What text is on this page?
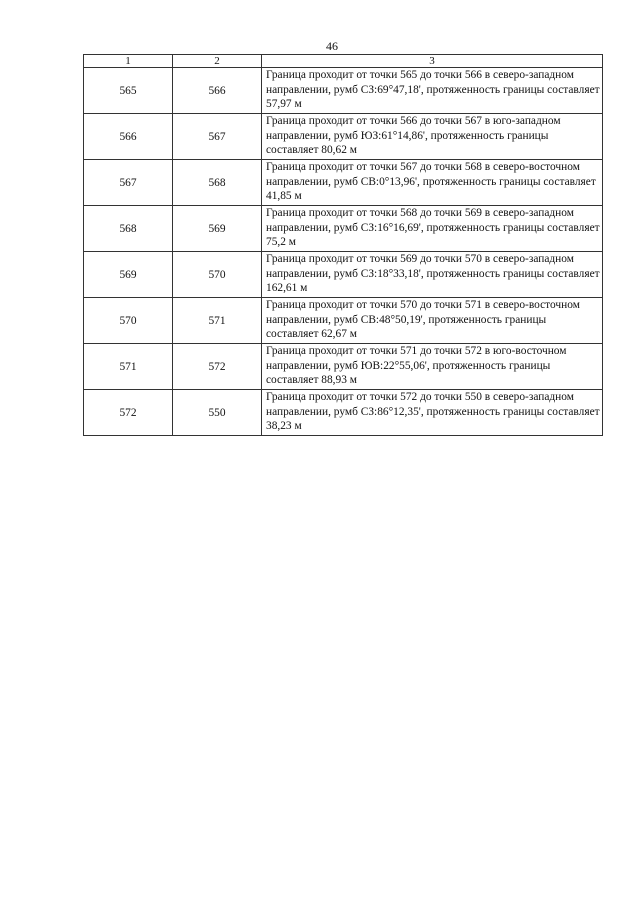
46
1	2	3
565	566	Граница проходит от точки 565 до точки 566 в северо-западном направлении, румб СЗ:69°47,18', протяженность границы составляет 57,97 м
566	567	Граница проходит от точки 566 до точки 567 в юго-западном направлении, румб ЮЗ:61°14,86', протяженность границы составляет 80,62 м
567	568	Граница проходит от точки 567 до точки 568 в северо-восточном направлении, румб СВ:0°13,96', протяженность границы составляет 41,85 м
568	569	Граница проходит от точки 568 до точки 569 в северо-западном направлении, румб СЗ:16°16,69', протяженность границы составляет 75,2 м
569	570	Граница проходит от точки 569 до точки 570 в северо-западном направлении, румб СЗ:18°33,18', протяженность границы составляет 162,61 м
570	571	Граница проходит от точки 570 до точки 571 в северо-восточном направлении, румб СВ:48°50,19', протяженность границы составляет 62,67 м
571	572	Граница проходит от точки 571 до точки 572 в юго-восточном направлении, румб ЮВ:22°55,06', протяженность границы составляет 88,93 м
572	550	Граница проходит от точки 572 до точки 550 в северо-западном направлении, румб СЗ:86°12,35', протяженность границы составляет 38,23 м
